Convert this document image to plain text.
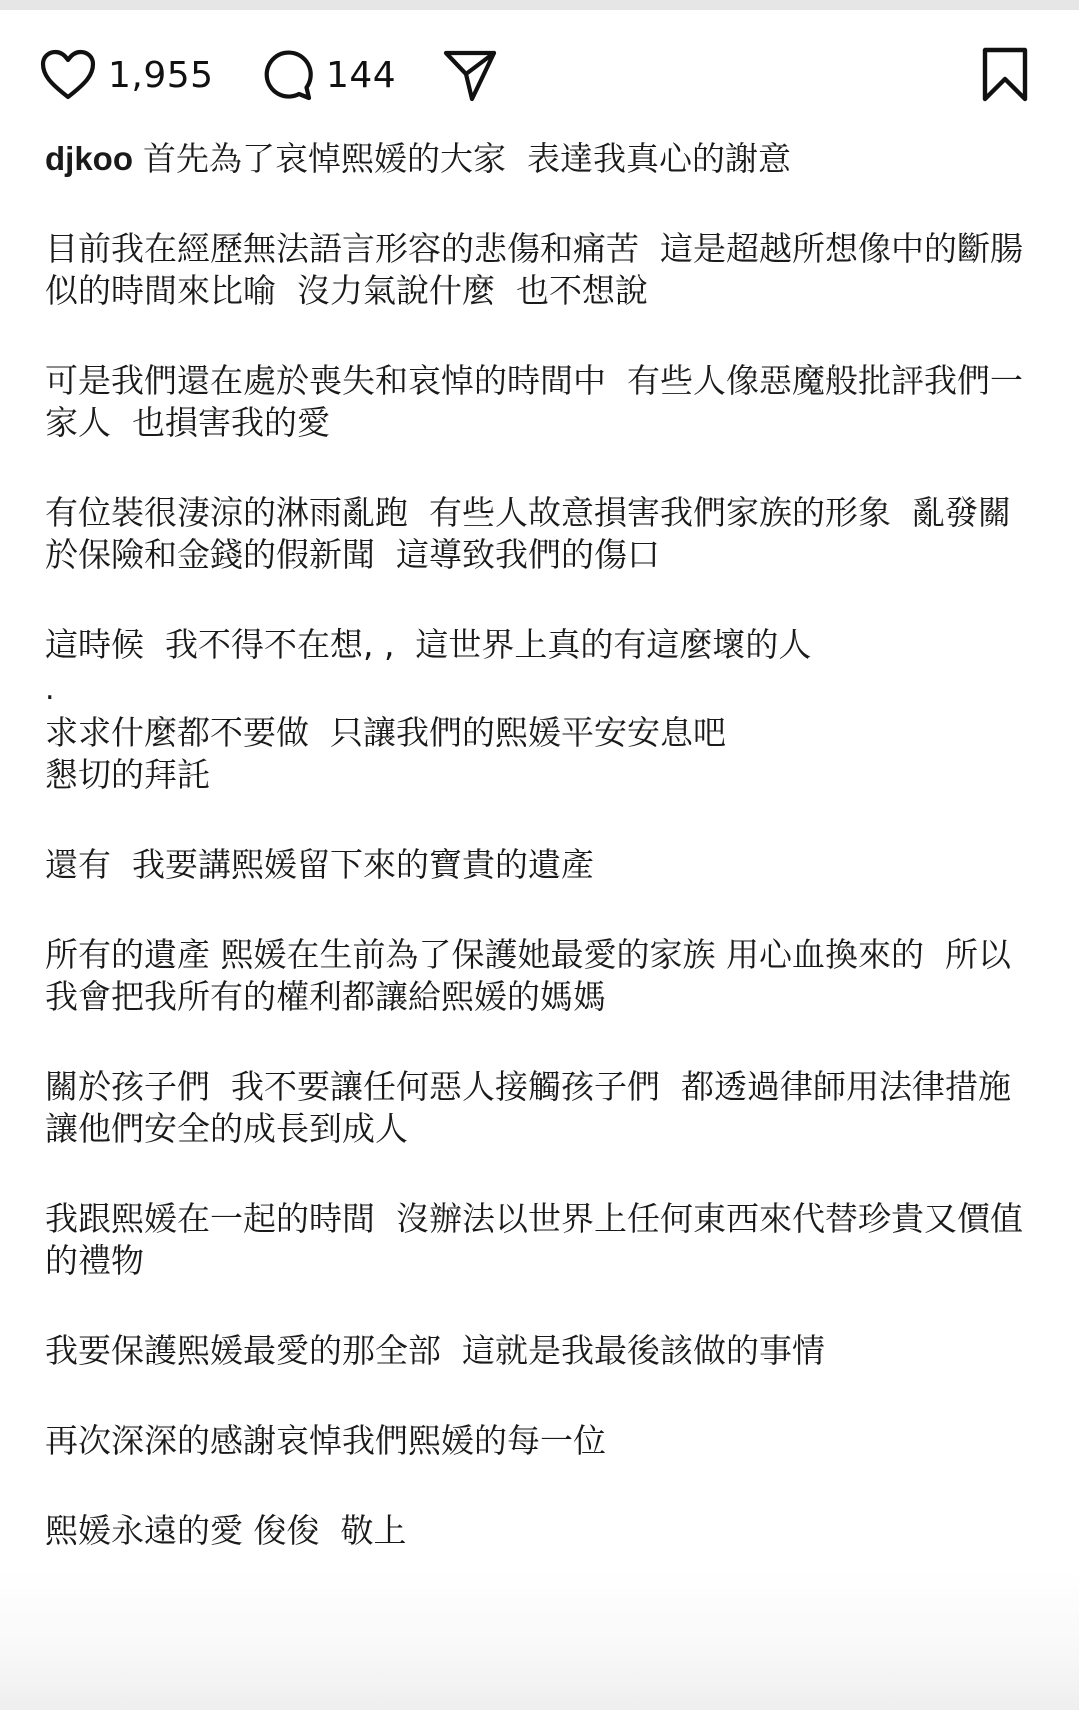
1,955	144

djkoo 首先為了哀悼熙媛的大家  表達我真心的謝意

目前我在經歷無法語言形容的悲傷和痛苦  這是超越所想像中的斷腸似的時間來比喻  沒力氣說什麼  也不想說

可是我們還在處於喪失和哀悼的時間中  有些人像惡魔般批評我們一家人  也損害我的愛

有位裝很淒涼的淋雨亂跑  有些人故意損害我們家族的形象  亂發關於保險和金錢的假新聞  這導致我們的傷口

這時候  我不得不在想, ,  這世界上真的有這麼壞的人

.

求求什麼都不要做  只讓我們的熙媛平安安息吧
懇切的拜託

還有  我要講熙媛留下來的寶貴的遺產

所有的遺產 熙媛在生前為了保護她最愛的家族 用心血換來的  所以我會把我所有的權利都讓給熙媛的媽媽

關於孩子們  我不要讓任何惡人接觸孩子們  都透過律師用法律措施讓他們安全的成長到成人

我跟熙媛在一起的時間  沒辦法以世界上任何東西來代替珍貴又價值的禮物

我要保護熙媛最愛的那全部  這就是我最後該做的事情

再次深深的感謝哀悼我們熙媛的每一位

熙媛永遠的愛 俊俊  敬上
